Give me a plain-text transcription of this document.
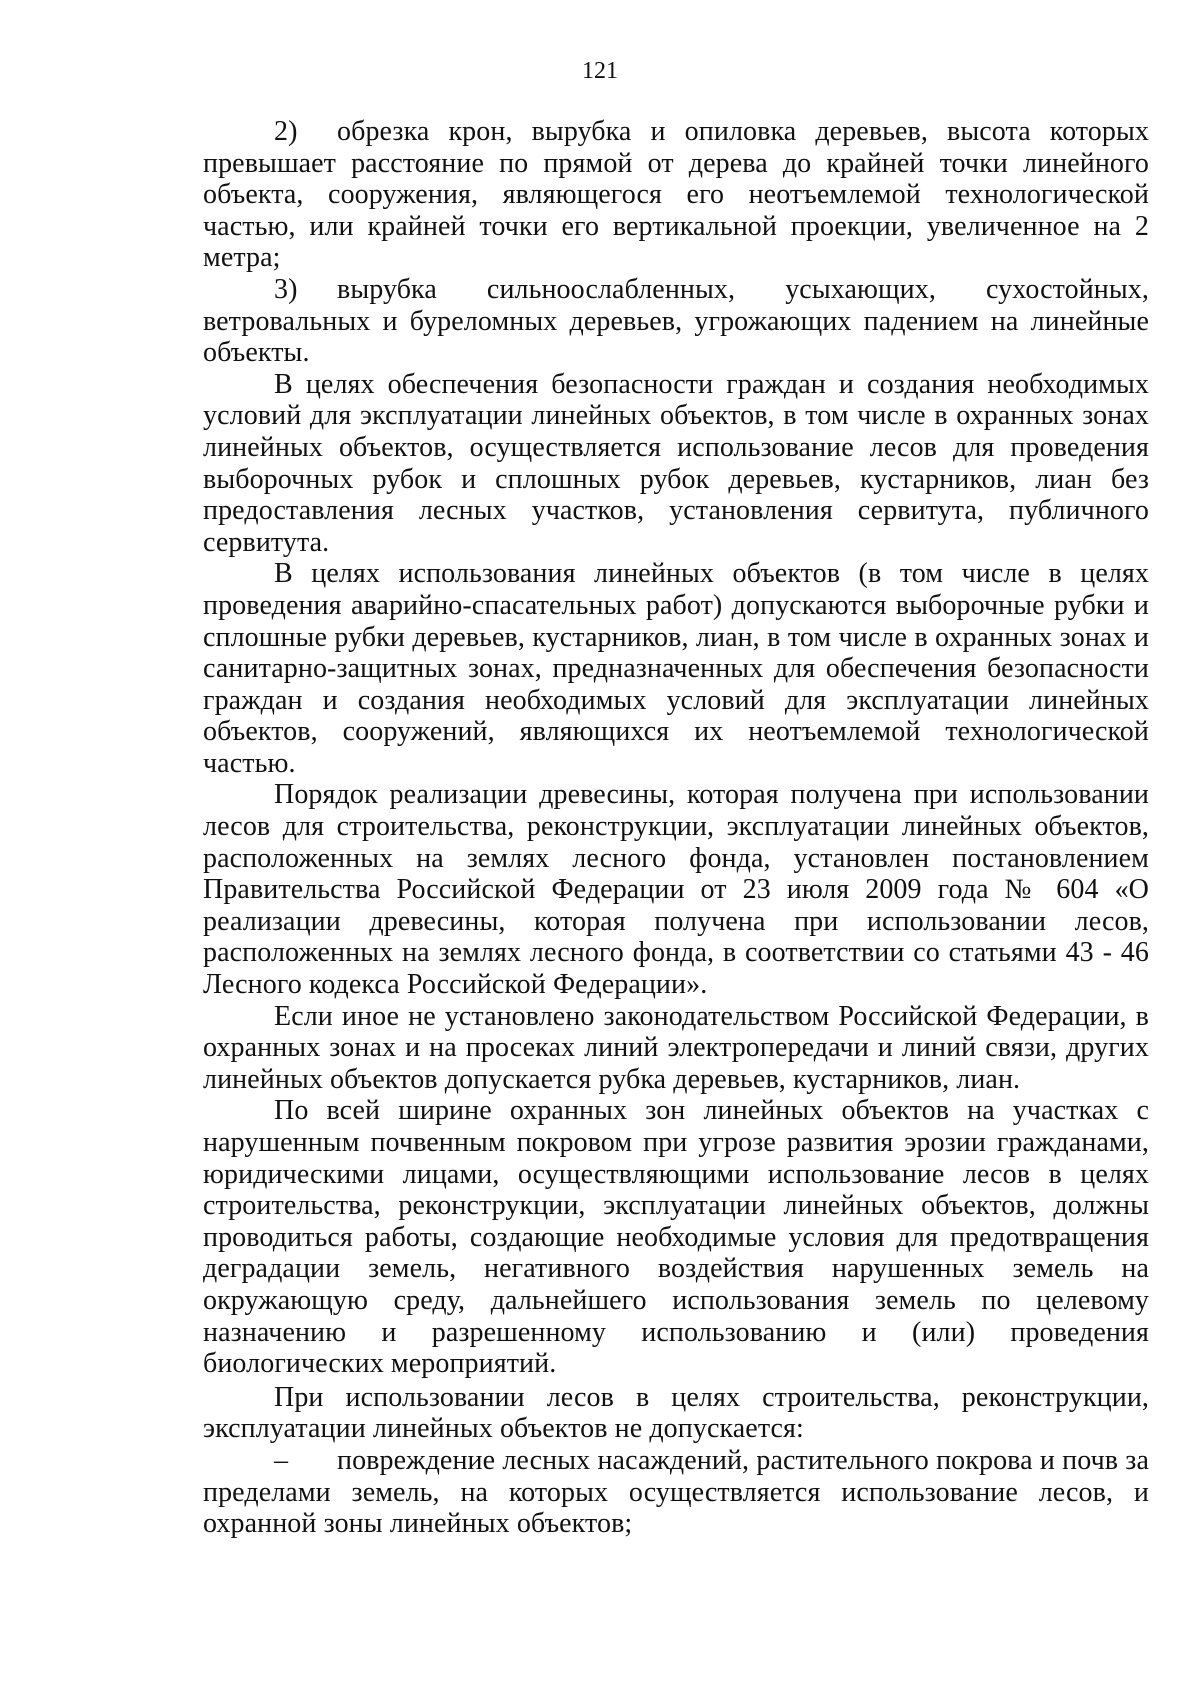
121

2) обрезка крон, вырубка и опиловка деревьев, высота которых превышает расстояние по прямой от дерева до крайней точки линейного объекта, сооружения, являющегося его неотъемлемой технологической частью, или крайней точки его вертикальной проекции, увеличенное на 2 метра;

3) вырубка сильноослабленных, усыхающих, сухостойных, ветровальных и буреломных деревьев, угрожающих падением на линейные объекты.

В целях обеспечения безопасности граждан и создания необходимых условий для эксплуатации линейных объектов, в том числе в охранных зонах линейных объектов, осуществляется использование лесов для проведения выборочных рубок и сплошных рубок деревьев, кустарников, лиан без предоставления лесных участков, установления сервитута, публичного сервитута.

В целях использования линейных объектов (в том числе в целях проведения аварийно-спасательных работ) допускаются выборочные рубки и сплошные рубки деревьев, кустарников, лиан, в том числе в охранных зонах и санитарно-защитных зонах, предназначенных для обеспечения безопасности граждан и создания необходимых условий для эксплуатации линейных объектов, сооружений, являющихся их неотъемлемой технологической частью.

Порядок реализации древесины, которая получена при использовании лесов для строительства, реконструкции, эксплуатации линейных объектов, расположенных на землях лесного фонда, установлен постановлением Правительства Российской Федерации от 23 июля 2009 года № 604 «О реализации древесины, которая получена при использовании лесов, расположенных на землях лесного фонда, в соответствии со статьями 43 - 46 Лесного кодекса Российской Федерации».

Если иное не установлено законодательством Российской Федерации, в охранных зонах и на просеках линий электропередачи и линий связи, других линейных объектов допускается рубка деревьев, кустарников, лиан.

По всей ширине охранных зон линейных объектов на участках с нарушенным почвенным покровом при угрозе развития эрозии гражданами, юридическими лицами, осуществляющими использование лесов в целях строительства, реконструкции, эксплуатации линейных объектов, должны проводиться работы, создающие необходимые условия для предотвращения деградации земель, негативного воздействия нарушенных земель на окружающую среду, дальнейшего использования земель по целевому назначению и разрешенному использованию и (или) проведения биологических мероприятий.

При использовании лесов в целях строительства, реконструкции, эксплуатации линейных объектов не допускается:

– повреждение лесных насаждений, растительного покрова и почв за пределами земель, на которых осуществляется использование лесов, и охранной зоны линейных объектов;
